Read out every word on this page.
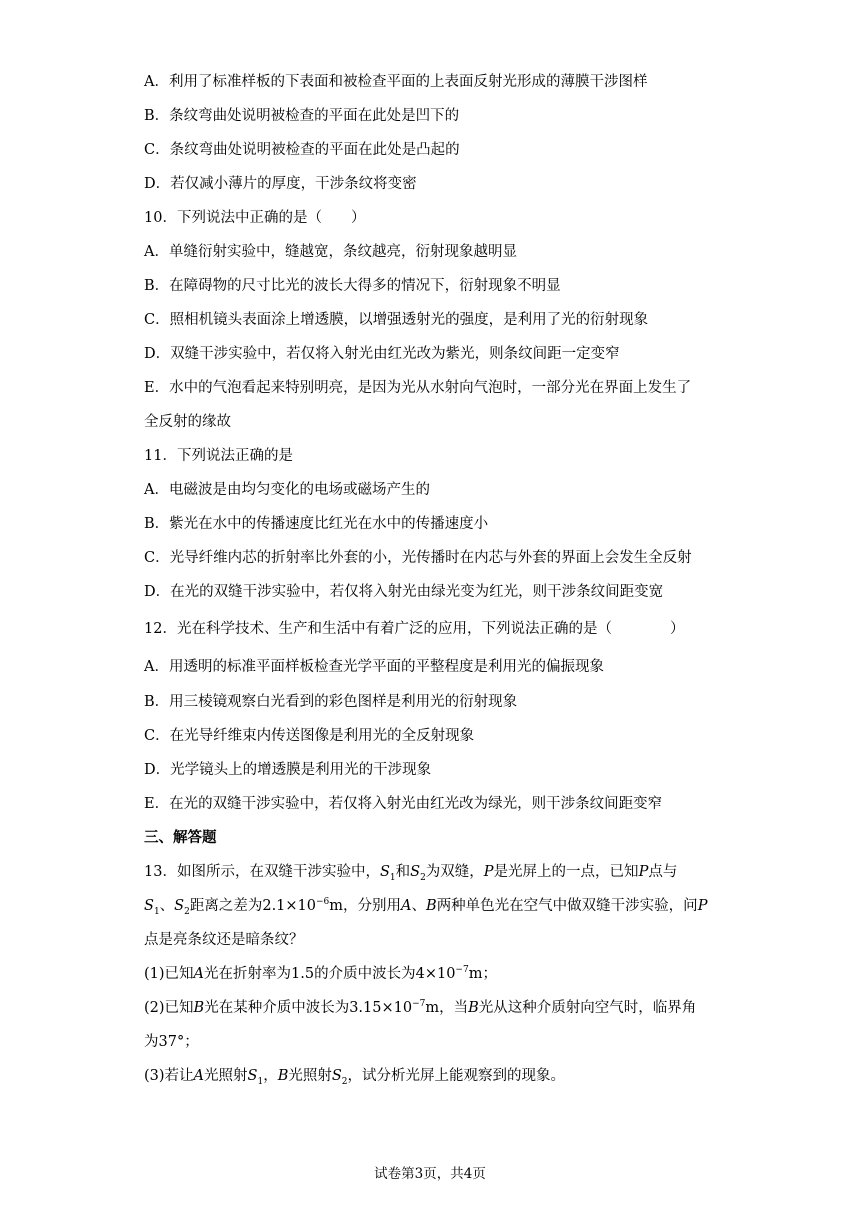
A．利用了标准样板的下表面和被检查平面的上表面反射光形成的薄膜干涉图样
B．条纹弯曲处说明被检查的平面在此处是凹下的
C．条纹弯曲处说明被检查的平面在此处是凸起的
D．若仅减小薄片的厚度，干涉条纹将变密
10．下列说法中正确的是（　　）
A．单缝衍射实验中，缝越宽，条纹越亮，衍射现象越明显
B．在障碍物的尺寸比光的波长大得多的情况下，衍射现象不明显
C．照相机镜头表面涂上增透膜，以增强透射光的强度，是利用了光的衍射现象
D．双缝干涉实验中，若仅将入射光由红光改为紫光，则条纹间距一定变窄
E．水中的气泡看起来特别明亮，是因为光从水射向气泡时，一部分光在界面上发生了
全反射的缘故
11．下列说法正确的是
A．电磁波是由均匀变化的电场或磁场产生的
B．紫光在水中的传播速度比红光在水中的传播速度小
C．光导纤维内芯的折射率比外套的小，光传播时在内芯与外套的界面上会发生全反射
D．在光的双缝干涉实验中，若仅将入射光由绿光变为红光，则干涉条纹间距变宽
12．光在科学技术、生产和生活中有着广泛的应用，下列说法正确的是（　　　　）
A．用透明的标准平面样板检查光学平面的平整程度是利用光的偏振现象
B．用三棱镜观察白光看到的彩色图样是利用光的衍射现象
C．在光导纤维束内传送图像是利用光的全反射现象
D．光学镜头上的增透膜是利用光的干涉现象
E．在光的双缝干涉实验中，若仅将入射光由红光改为绿光，则干涉条纹间距变窄
三、解答题
13．如图所示，在双缝干涉实验中，$S_1$和$S_2$为双缝，P是光屏上的一点，已知P点与
$S_1$、$S_2$距离之差为$2.1\times 10^{-6}m$，分别用A、B两种单色光在空气中做双缝干涉实验，问P
点是亮条纹还是暗条纹？
(1)已知A光在折射率为1.5的介质中波长为$4\times 10^{-7}m$；
(2)已知B光在某种介质中波长为$3.15\times 10^{-7}m$，当B光从这种介质射向空气时，临界角
为37°；
(3)若让A光照射$S_1$，B光照射$S_2$，试分析光屏上能观察到的现象。
试卷第3页，共4页
